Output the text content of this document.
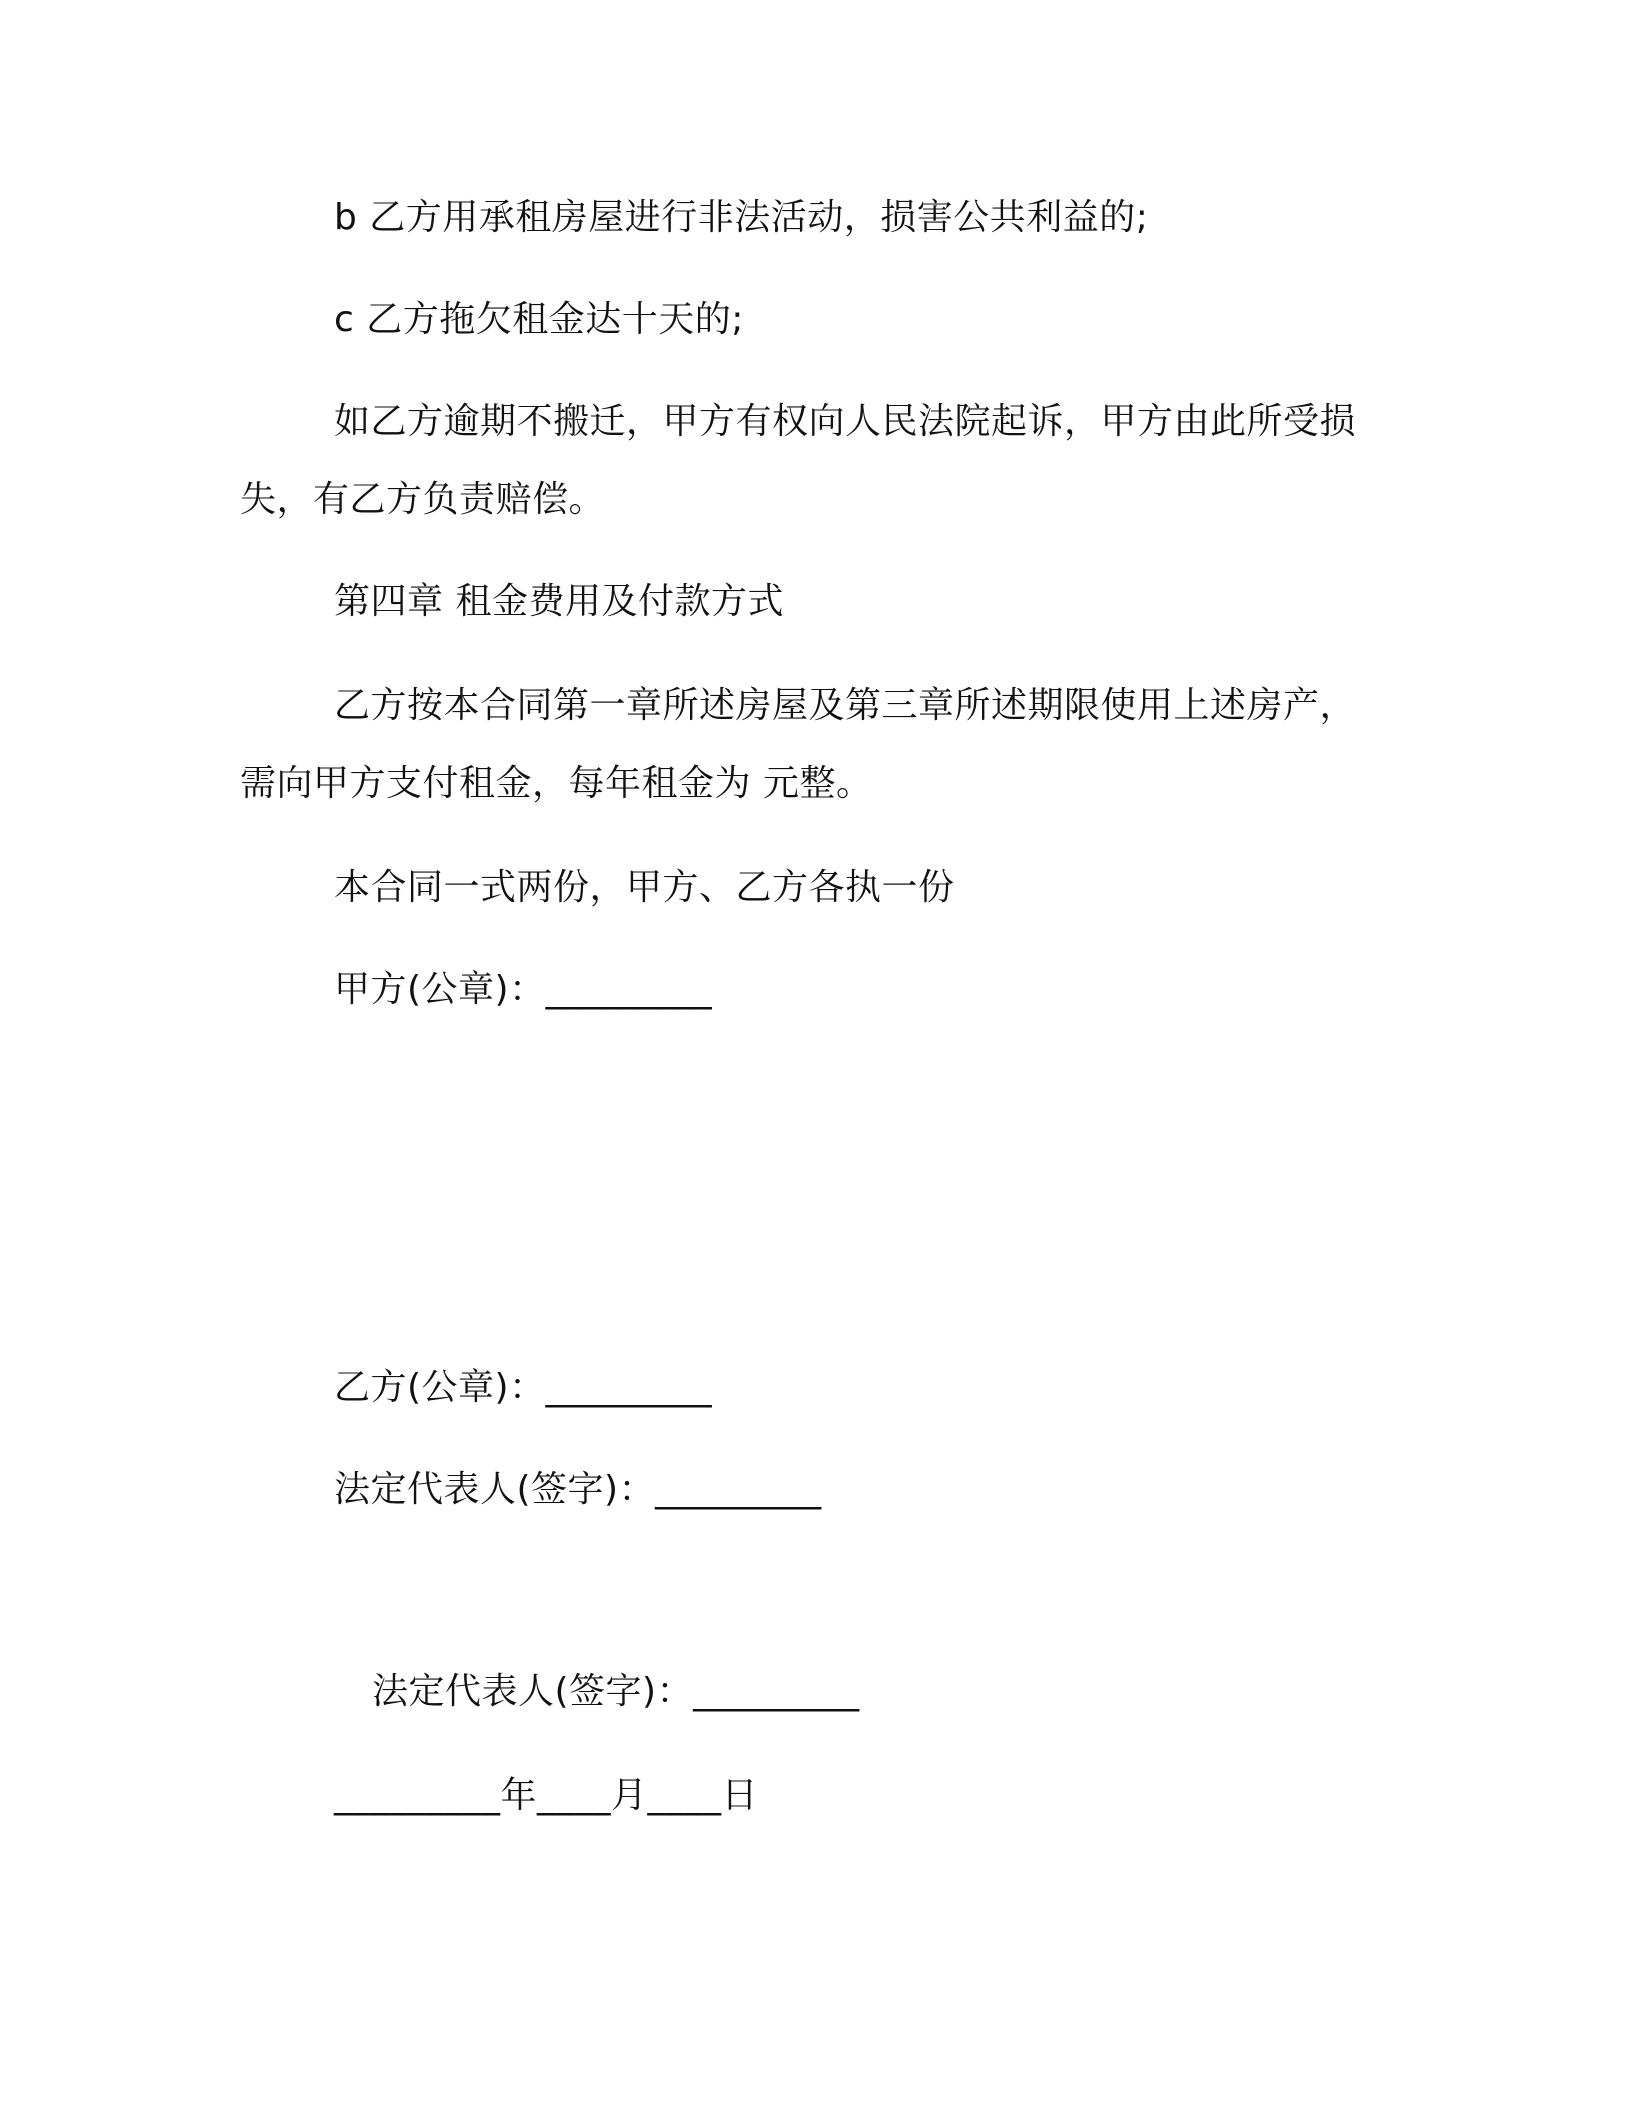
b 乙方用承租房屋进行非法活动，损害公共利益的;
c 乙方拖欠租金达十天的;
如乙方逾期不搬迁，甲方有权向人民法院起诉，甲方由此所受损
失，有乙方负责赔偿。
第四章 租金费用及付款方式
乙方按本合同第一章所述房屋及第三章所述期限使用上述房产，
需向甲方支付租金，每年租金为 元整。
本合同一式两份，甲方、乙方各执一份
甲方(公章)：_________
乙方(公章)：_________
法定代表人(签字)：_________
法定代表人(签字)：_________
_________年____月____日
